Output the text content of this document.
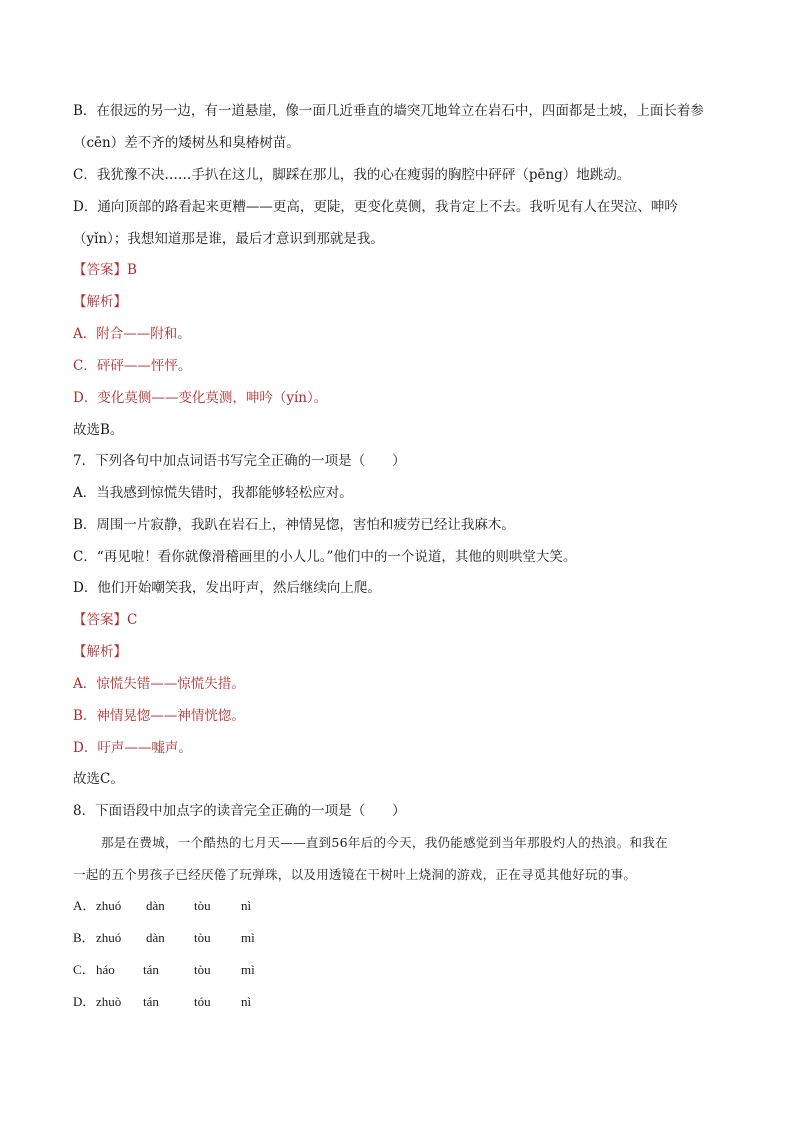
B．在很远的另一边，有一道悬崖，像一面几近垂直的墙突兀地耸立在岩石中，四面都是土坡，上面长着参
（cēn）差不齐的矮树丛和臭椿树苗。
C．我犹豫不决……手扒在这儿，脚踩在那儿，我的心在瘦弱的胸腔中砰砰（pēng）地跳动。
D．通向顶部的路看起来更糟——更高，更陡，更变化莫侧，我肯定上不去。我听见有人在哭泣、呻吟
（yǐn）；我想知道那是谁，最后才意识到那就是我。
【答案】B
【解析】
A．附合——附和。
C．砰砰——怦怦。
D．变化莫侧——变化莫测，呻吟（yín）。
故选B。
7．下列各句中加点词语书写完全正确的一项是（　　）
A．当我感到惊慌失错时，我都能够轻松应对。
B．周围一片寂静，我趴在岩石上，神情晃惚，害怕和疲劳已经让我麻木。
C．“再见啦！看你就像滑稽画里的小人儿。”他们中的一个说道，其他的则哄堂大笑。
D．他们开始嘲笑我，发出吁声，然后继续向上爬。
【答案】C
【解析】
A．惊慌失错——惊慌失措。
B．神情晃惚——神情恍惚。
D．吁声——嘘声。
故选C。
8．下面语段中加点字的读音完全正确的一项是（　　）
那是在费城，一个酷热的七月天——直到56年后的今天，我仍能感觉到当年那股灼人的热浪。和我在
一起的五个男孩子已经厌倦了玩弹珠，以及用透镜在干树叶上烧洞的游戏，正在寻觅其他好玩的事。
A． zhuó dàn tòu nì
B． zhuó dàn tòu mì
C． háo tán	tòu mì
D． zhuò tán	tóu nì
